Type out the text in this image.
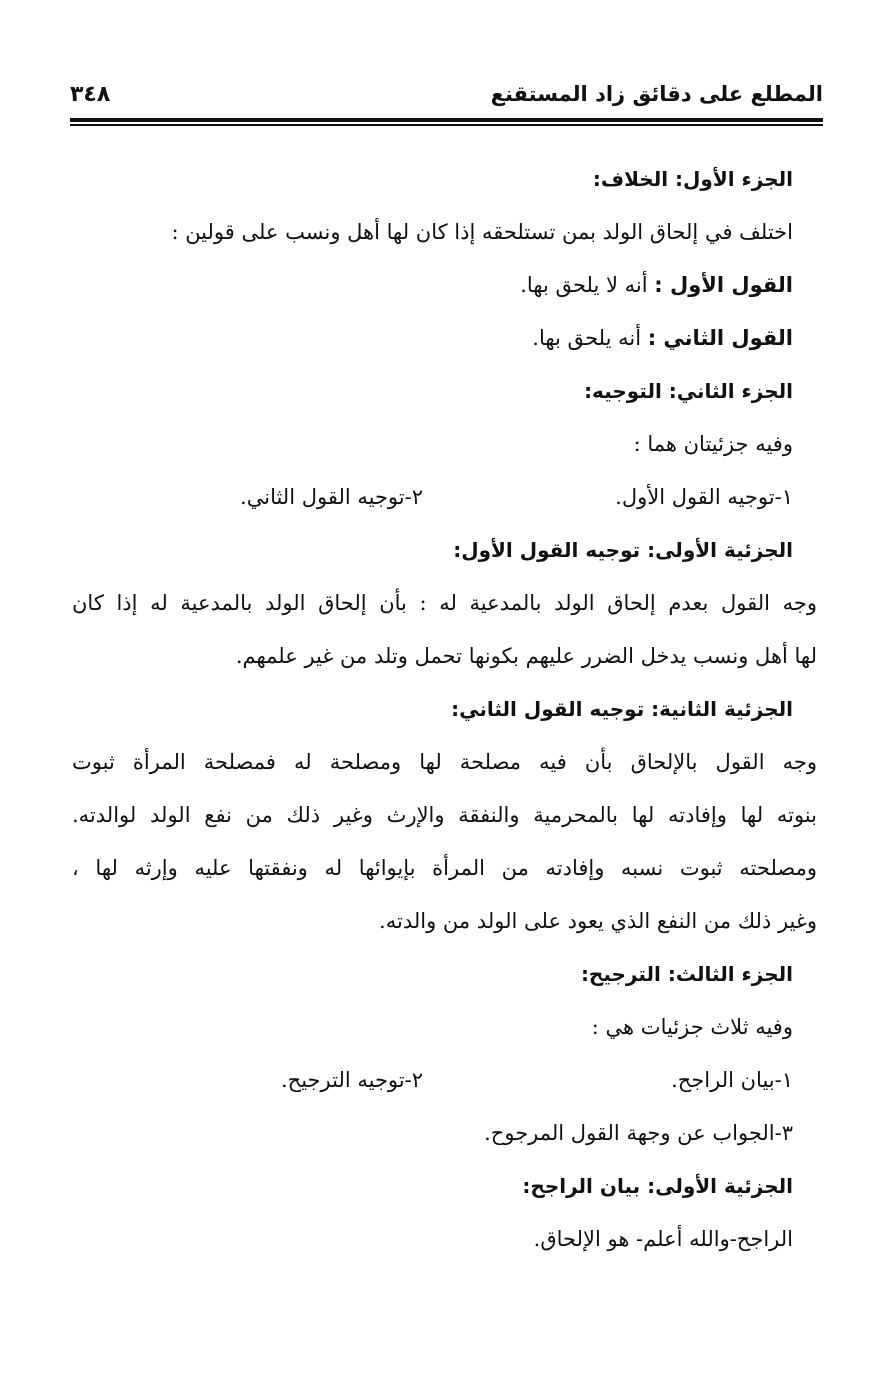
المطلع على دقائق زاد المستقنع
٣٤٨
الجزء الأول: الخلاف:
اختلف في إلحاق الولد بمن تستلحقه إذا كان لها أهل ونسب على قولين :
القول الأول : أنه لا يلحق بها.
القول الثاني : أنه يلحق بها.
الجزء الثاني: التوجيه:
وفيه جزئيتان هما :
١-توجيه القول الأول.
٢-توجيه القول الثاني.
الجزئية الأولى: توجيه القول الأول:
وجه القول بعدم إلحاق الولد بالمدعية له : بأن إلحاق الولد بالمدعية له إذا كان
لها أهل ونسب يدخل الضرر عليهم بكونها تحمل وتلد من غير علمهم.
الجزئية الثانية: توجيه القول الثاني:
وجه القول بالإلحاق بأن فيه مصلحة لها ومصلحة له فمصلحة المرأة ثبوت
بنوته لها وإفادته لها بالمحرمية والنفقة والإرث وغير ذلك من نفع الولد لوالدته.
ومصلحته ثبوت نسبه وإفادته من المرأة بإيوائها له ونفقتها عليه وإرثه لها ،
وغير ذلك من النفع الذي يعود على الولد من والدته.
الجزء الثالث: الترجيح:
وفيه ثلاث جزئيات هي :
١-بيان الراجح.
٢-توجيه الترجيح.
٣-الجواب عن وجهة القول المرجوح.
الجزئية الأولى: بيان الراجح:
الراجح-والله أعلم- هو الإلحاق.
